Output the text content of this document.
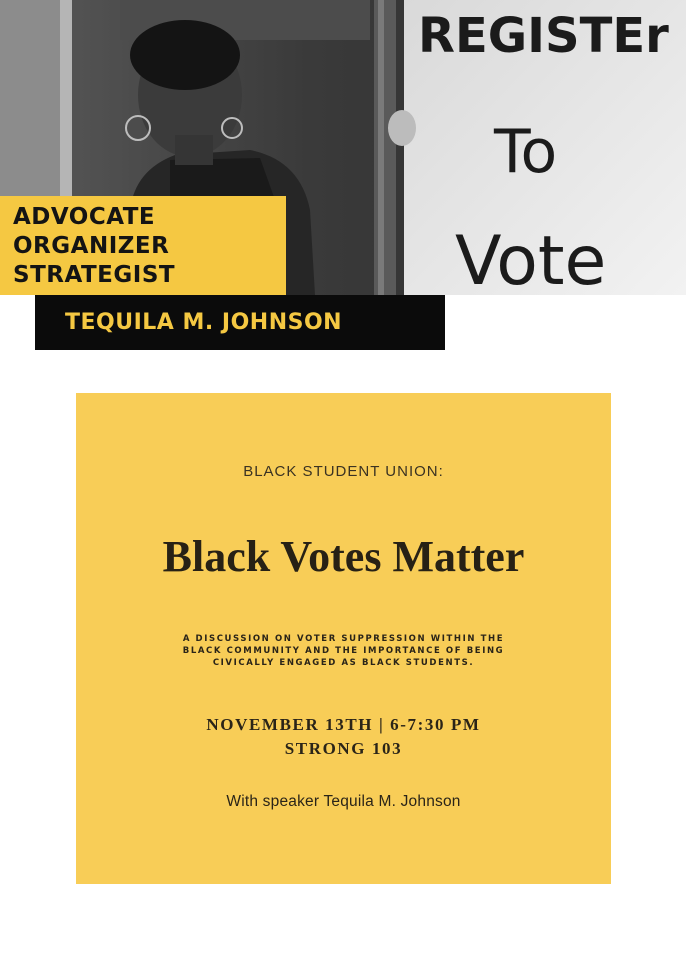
REGISTEr
To
Vote
ADVOCATE
ORGANIZER
STRATEGIST
TEQUILA M. JOHNSON
BLACK STUDENT UNION:
Black Votes Matter
A DISCUSSION ON VOTER SUPPRESSION WITHIN THE
BLACK COMMUNITY AND THE IMPORTANCE OF BEING
CIVICALLY ENGAGED AS BLACK STUDENTS.
NOVEMBER 13TH | 6-7:30 PM
STRONG 103
With speaker Tequila M. Johnson
